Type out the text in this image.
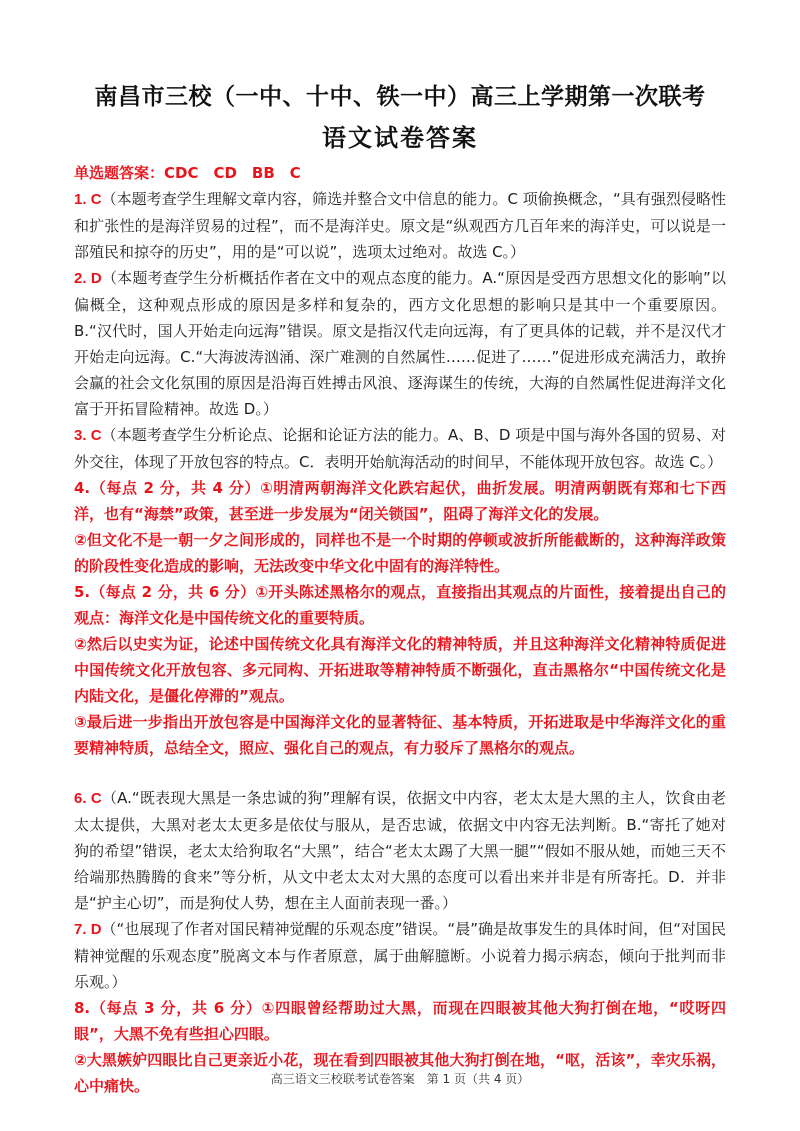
南昌市三校（一中、十中、铁一中）高三上学期第一次联考
语文试卷答案

单选题答案：CDC　CD　BB　C

1. C（本题考查学生理解文章内容，筛选并整合文中信息的能力。C 项偷换概念，“具有强烈侵略性和扩张性的是海洋贸易的过程”，而不是海洋史。原文是“纵观西方几百年来的海洋史，可以说是一部殖民和掠夺的历史”，用的是“可以说”，选项太过绝对。故选 C。）

2. D（本题考查学生分析概括作者在文中的观点态度的能力。A.“原因是受西方思想文化的影响”以偏概全，这种观点形成的原因是多样和复杂的，西方文化思想的影响只是其中一个重要原因。B.“汉代时，国人开始走向远海”错误。原文是指汉代走向远海，有了更具体的记载，并不是汉代才开始走向远海。C.“大海波涛汹涌、深广难测的自然属性……促进了……”促进形成充满活力，敢拚会赢的社会文化氛围的原因是沿海百姓搏击风浪、逐海谋生的传统，大海的自然属性促进海洋文化富于开拓冒险精神。故选 D。）

3. C（本题考查学生分析论点、论据和论证方法的能力。A、B、D 项是中国与海外各国的贸易、对外交往，体现了开放包容的特点。C．表明开始航海活动的时间早，不能体现开放包容。故选 C。）

4.（每点 2 分，共 4 分）①明清两朝海洋文化跌宕起伏，曲折发展。明清两朝既有郑和七下西洋，也有“海禁”政策，甚至进一步发展为“闭关锁国”，阻碍了海洋文化的发展。

②但文化不是一朝一夕之间形成的，同样也不是一个时期的停顿或波折所能截断的，这种海洋政策的阶段性变化造成的影响，无法改变中华文化中固有的海洋特性。

5.（每点 2 分，共 6 分）①开头陈述黑格尔的观点，直接指出其观点的片面性，接着提出自己的观点：海洋文化是中国传统文化的重要特质。

②然后以史实为证，论述中国传统文化具有海洋文化的精神特质，并且这种海洋文化精神特质促进中国传统文化开放包容、多元同构、开拓进取等精神特质不断强化，直击黑格尔“中国传统文化是内陆文化，是僵化停滞的”观点。

③最后进一步指出开放包容是中国海洋文化的显著特征、基本特质，开拓进取是中华海洋文化的重要精神特质，总结全文，照应、强化自己的观点，有力驳斥了黑格尔的观点。

6. C（A.“既表现大黑是一条忠诚的狗”理解有误，依据文中内容，老太太是大黑的主人，饮食由老太太提供，大黑对老太太更多是依仗与服从，是否忠诚，依据文中内容无法判断。B.“寄托了她对狗的希望”错误，老太太给狗取名“大黑”，结合“老太太踢了大黑一腿”“假如不服从她，而她三天不给端那热腾腾的食来”等分析，从文中老太太对大黑的态度可以看出来并非是有所寄托。D．并非是“护主心切”，而是狗仗人势，想在主人面前表现一番。）

7. D（“也展现了作者对国民精神觉醒的乐观态度”错误。“晨”确是故事发生的具体时间，但“对国民精神觉醒的乐观态度”脱离文本与作者原意，属于曲解臆断。小说着力揭示病态，倾向于批判而非乐观。）

8.（每点 3 分，共 6 分）①四眼曾经帮助过大黑，而现在四眼被其他大狗打倒在地，“哎呀四眼”，大黑不免有些担心四眼。

②大黑嫉妒四眼比自己更亲近小花，现在看到四眼被其他大狗打倒在地，“呕，活该”，幸灾乐祸，心中痛快。	高三语文三校联考试卷答案　第 1 页（共 4 页）
